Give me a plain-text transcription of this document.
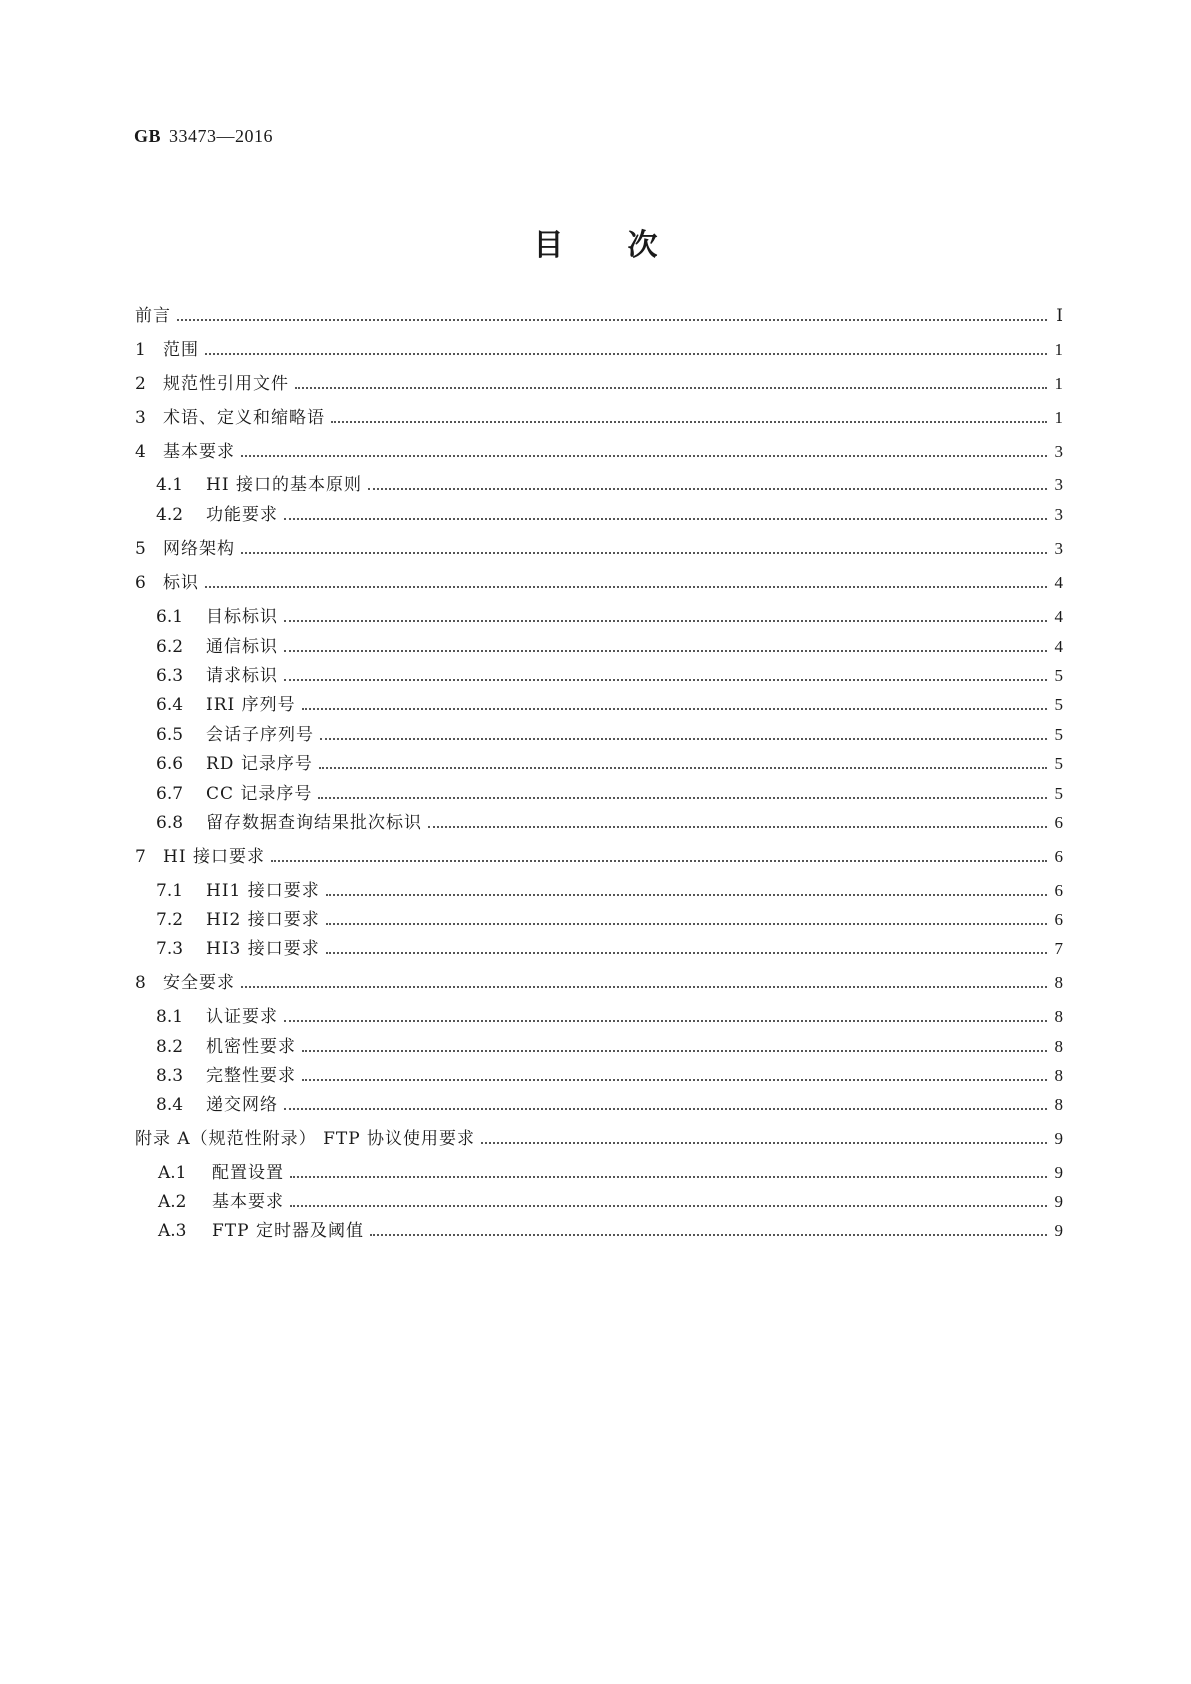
GB 33473—2016
目次
前言	Ⅰ
1	范围	1
2	规范性引用文件	1
3	术语、定义和缩略语	1
4	基本要求	3
4.1	HI 接口的基本原则	3
4.2	功能要求	3
5	网络架构	3
6	标识	4
6.1	目标标识	4
6.2	通信标识	4
6.3	请求标识	5
6.4	IRI 序列号	5
6.5	会话子序列号	5
6.6	RD 记录序号	5
6.7	CC 记录序号	5
6.8	留存数据查询结果批次标识	6
7	HI 接口要求	6
7.1	HI1 接口要求	6
7.2	HI2 接口要求	6
7.3	HI3 接口要求	7
8	安全要求	8
8.1	认证要求	8
8.2	机密性要求	8
8.3	完整性要求	8
8.4	递交网络	8
附录 A（规范性附录） FTP 协议使用要求	9
A.1	配置设置	9
A.2	基本要求	9
A.3	FTP 定时器及阈值	9
